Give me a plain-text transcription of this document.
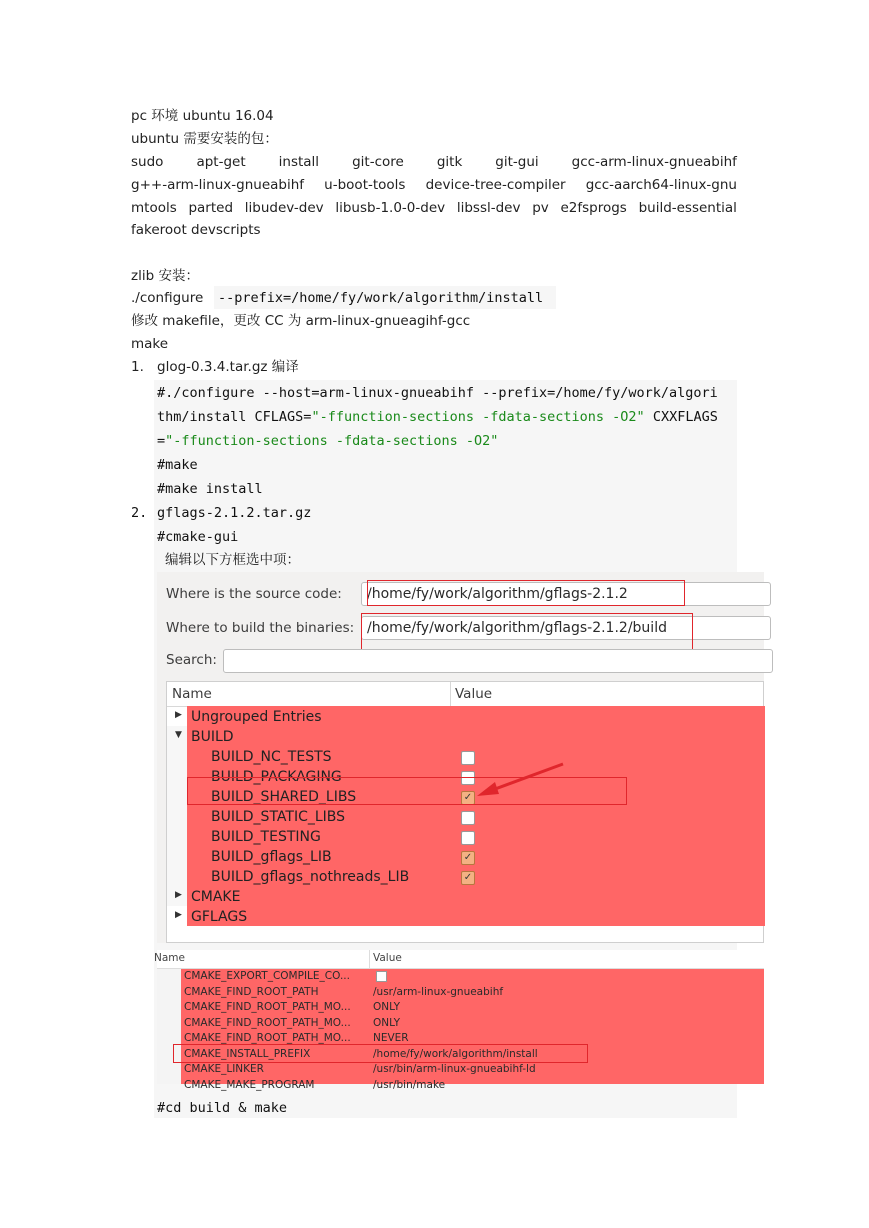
pc 环境 ubuntu 16.04
ubuntu 需要安装的包：
sudo apt-get install git-core gitk git-gui gcc-arm-linux-gnueabihf
g++-arm-linux-gnueabihf u-boot-tools device-tree-compiler gcc-aarch64-linux-gnu
mtools parted libudev-dev libusb-1.0-0-dev libssl-dev pv e2fsprogs build-essential
fakeroot devscripts
zlib 安装：
./configure --prefix=/home/fy/work/algorithm/install
修改 makefile，更改 CC 为 arm-linux-gnueagihf-gcc
make
1. glog-0.3.4.tar.gz 编译
#./configure --host=arm-linux-gnueabihf --prefix=/home/fy/work/algori
thm/install CFLAGS="-ffunction-sections -fdata-sections -O2" CXXFLAGS
="-ffunction-sections -fdata-sections -O2"
#make
#make install
2. gflags-2.1.2.tar.gz
#cmake-gui
编辑以下方框选中项：
Where is the source code:	/home/fy/work/algorithm/gflags-2.1.2
Where to build the binaries: /home/fy/work/algorithm/gflags-2.1.2/build
Search:
Name	Value
▶ Ungrouped Entries
▼ BUILD
BUILD_NC_TESTS
BUILD_PACKAGING
BUILD_SHARED_LIBS	✓
BUILD_STATIC_LIBS
BUILD_TESTING
BUILD_gflags_LIB	✓
BUILD_gflags_nothreads_LIB	✓
▶ CMAKE
▶ GFLAGS
Name	Value
CMAKE_EXPORT_COMPILE_CO...
CMAKE_FIND_ROOT_PATH	/usr/arm-linux-gnueabihf
CMAKE_FIND_ROOT_PATH_MO... ONLY
CMAKE_FIND_ROOT_PATH_MO... ONLY
CMAKE_FIND_ROOT_PATH_MO... NEVER
CMAKE_INSTALL_PREFIX	/home/fy/work/algorithm/install
CMAKE_LINKER	/usr/bin/arm-linux-gnueabihf-ld
CMAKE_MAKE_PROGRAM	/usr/bin/make
#cd build & make
